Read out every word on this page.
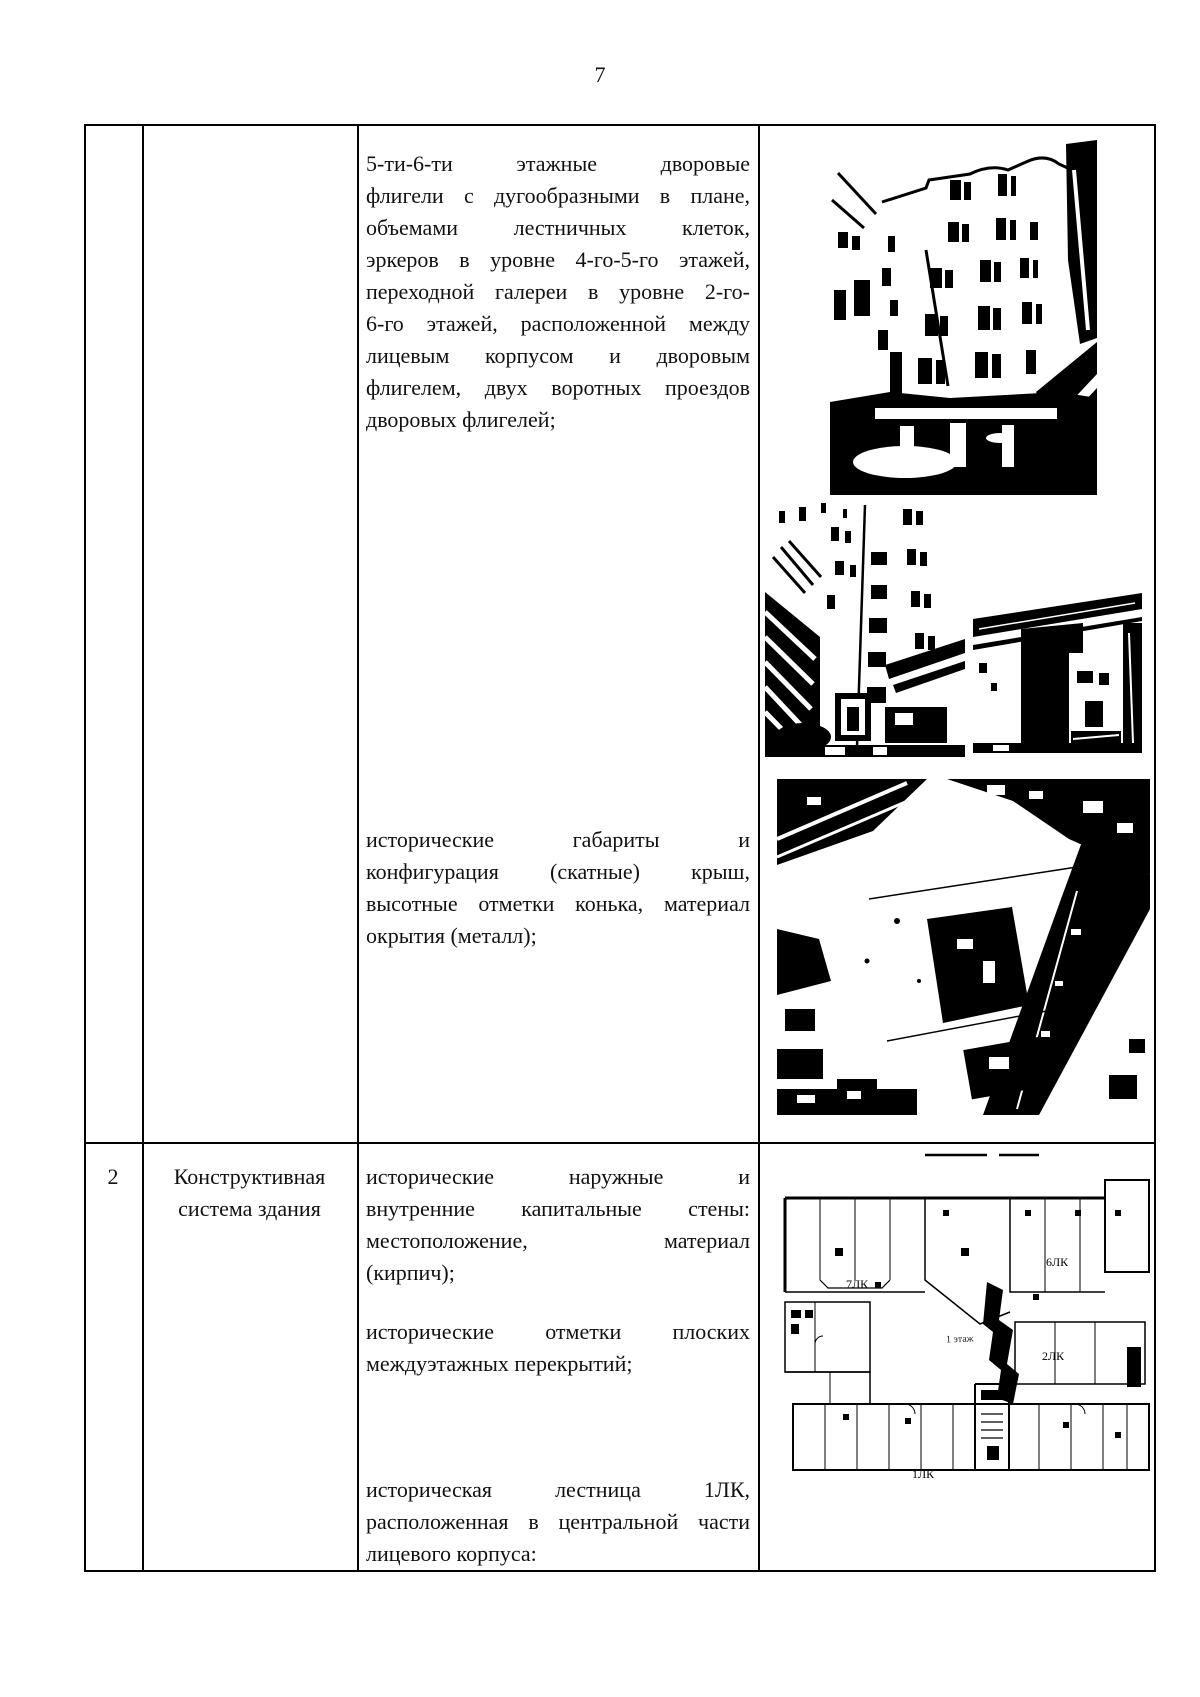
7
5-ти-6-ти этажные дворовые
флигели с дугообразными в плане,
объемами лестничных клеток,
эркеров в уровне 4-го-5-го этажей,
переходной галереи в уровне 2-го-
6-го этажей, расположенной между
лицевым корпусом и дворовым
флигелем, двух воротных проездов
дворовых флигелей;
исторические габариты и
конфигурация (скатные) крыш,
высотные отметки конька, материал
окрытия (металл);
2	Конструктивная
система здания
исторические наружные и
внутренние капитальные стены:
местоположение, материал
(кирпич);
исторические отметки плоских
междуэтажных перекрытий;
историческая лестница 1ЛК,
расположенная в центральной части
лицевого корпуса:
7ЛК
6ЛК
2ЛК
1 этаж
1ЛК
